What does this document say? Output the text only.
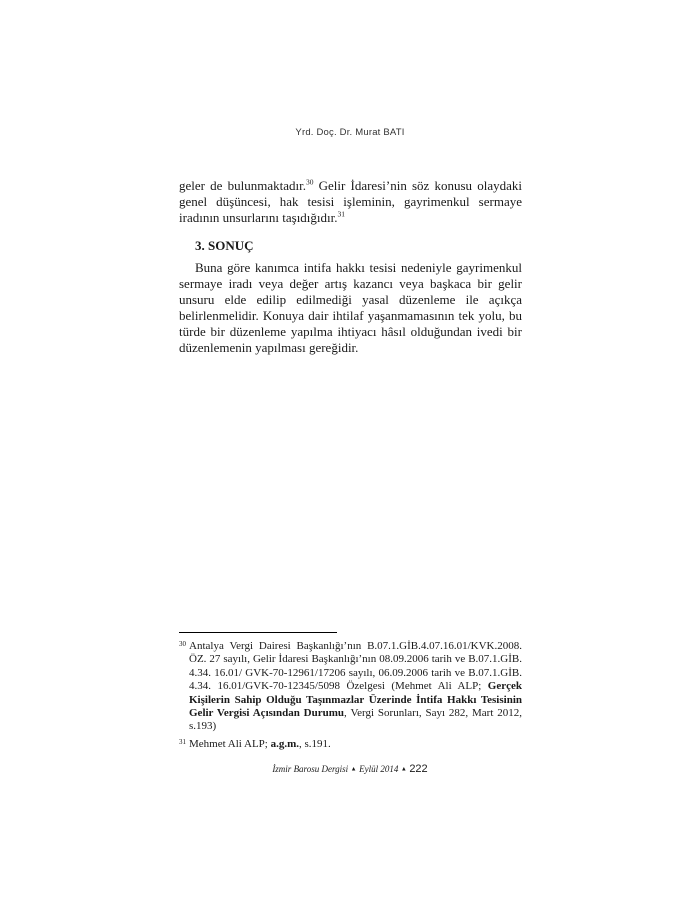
Yrd. Doç. Dr. Murat BATI

geler de bulunmaktadır.$^{30}$ Gelir İdaresi’nin söz konusu olaydaki genel düşüncesi, hak tesisi işleminin, gayrimenkul sermaye iradının unsurlarını taşıdığıdır.$^{31}$

3. SONUÇ

Buna göre kanımca intifa hakkı tesisi nedeniyle gayrimenkul sermaye iradı veya değer artış kazancı veya başkaca bir gelir unsuru elde edilip edilmediği yasal düzenleme ile açıkça belirlenmelidir. Konuya dair ihtilaf yaşanmamasının tek yolu, bu türde bir düzenleme yapılma ihtiyacı hâsıl olduğundan ivedi bir düzenlemenin yapılması gereğidir.

30 Antalya Vergi Dairesi Başkanlığı’nın B.07.1.GİB.4.07.16.01/KVK.2008. ÖZ. 27 sayılı, Gelir İdaresi Başkanlığı’nın 08.09.2006 tarih ve B.07.1.GİB. 4.34. 16.01/ GVK-70-12961/17206 sayılı, 06.09.2006 tarih ve B.07.1.GİB. 4.34. 16.01/GVK-70-12345/5098 Özelgesi (Mehmet Ali ALP; Gerçek Kişilerin Sahip Olduğu Taşınmazlar Üzerinde İntifa Hakkı Tesisinin Gelir Vergisi Açısından Durumu, Vergi Sorunları, Sayı 282, Mart 2012, s.193)

31 Mehmet Ali ALP; a.g.m., s.191.

İzmir Barosu Dergisi ▲ Eylül 2014 ▲ 222
